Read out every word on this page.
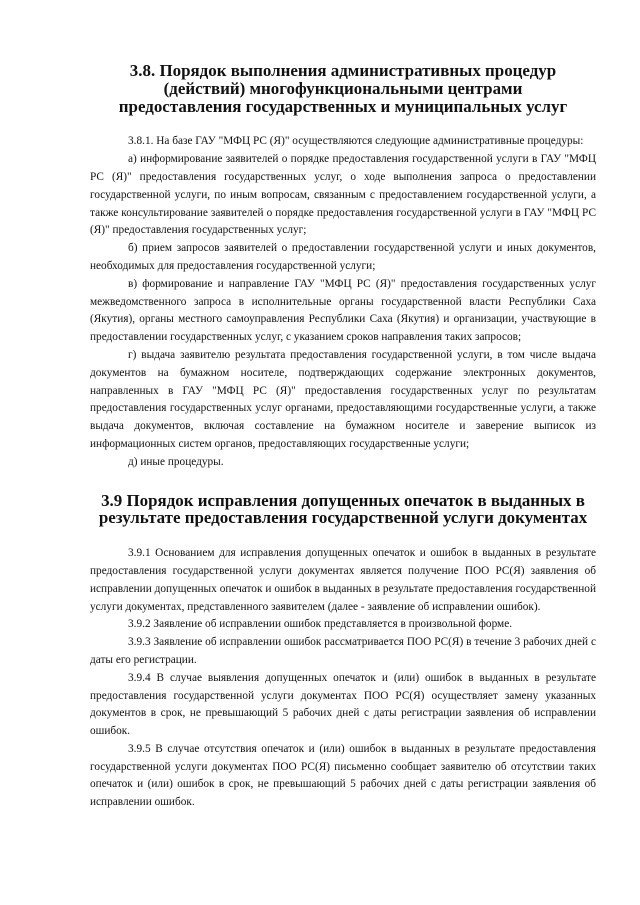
3.8. Порядок выполнения административных процедур (действий) многофункциональными центрами предоставления государственных и муниципальных услуг

3.8.1. На базе ГАУ "МФЦ РС (Я)" осуществляются следующие административные процедуры:

а) информирование заявителей о порядке предоставления государственной услуги в ГАУ "МФЦ РС (Я)" предоставления государственных услуг, о ходе выполнения запроса о предоставлении государственной услуги, по иным вопросам, связанным с предоставлением государственной услуги, а также консультирование заявителей о порядке предоставления государственной услуги в ГАУ "МФЦ РС (Я)" предоставления государственных услуг;

б) прием запросов заявителей о предоставлении государственной услуги и иных документов, необходимых для предоставления государственной услуги;

в) формирование и направление ГАУ "МФЦ РС (Я)" предоставления государственных услуг межведомственного запроса в исполнительные органы государственной власти Республики Саха (Якутия), органы местного самоуправления Республики Саха (Якутия) и организации, участвующие в предоставлении государственных услуг, с указанием сроков направления таких запросов;

г) выдача заявителю результата предоставления государственной услуги, в том числе выдача документов на бумажном носителе, подтверждающих содержание электронных документов, направленных в ГАУ "МФЦ РС (Я)" предоставления государственных услуг по результатам предоставления государственных услуг органами, предоставляющими государственные услуги, а также выдача документов, включая составление на бумажном носителе и заверение выписок из информационных систем органов, предоставляющих государственные услуги;

д) иные процедуры.

3.9 Порядок исправления допущенных опечаток в выданных в результате предоставления государственной услуги документах

3.9.1 Основанием для исправления допущенных опечаток и ошибок в выданных в результате предоставления государственной услуги документах является получение ПОО РС(Я) заявления об исправлении допущенных опечаток и ошибок в выданных в результате предоставления государственной услуги документах, представленного заявителем (далее - заявление об исправлении ошибок).

3.9.2 Заявление об исправлении ошибок представляется в произвольной форме.

3.9.3 Заявление об исправлении ошибок рассматривается ПОО РС(Я) в течение 3 рабочих дней с даты его регистрации.

3.9.4 В случае выявления допущенных опечаток и (или) ошибок в выданных в результате предоставления государственной услуги документах ПОО РС(Я) осуществляет замену указанных документов в срок, не превышающий 5 рабочих дней с даты регистрации заявления об исправлении ошибок.

3.9.5 В случае отсутствия опечаток и (или) ошибок в выданных в результате предоставления государственной услуги документах ПОО РС(Я) письменно сообщает заявителю об отсутствии таких опечаток и (или) ошибок в срок, не превышающий 5 рабочих дней с даты регистрации заявления об исправлении ошибок.
